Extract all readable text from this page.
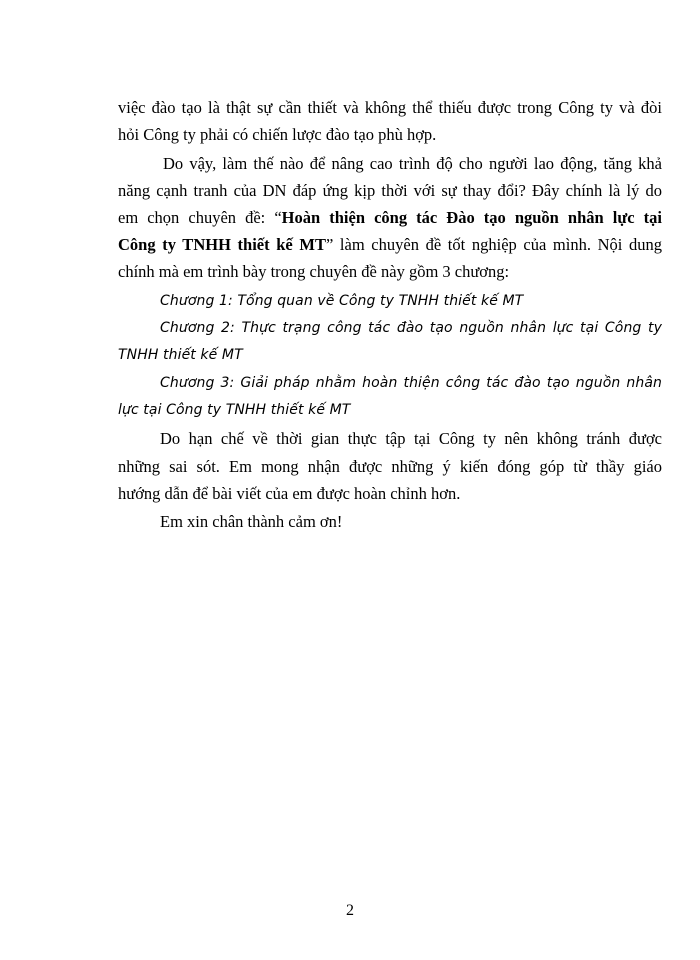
việc đào tạo là thật sự cần thiết và không thể thiếu được trong Công ty và đòi
hỏi Công ty phải có chiến lược đào tạo phù hợp.
Do vậy, làm thế nào để nâng cao trình độ cho người lao động, tăng khả
năng cạnh tranh của DN đáp ứng kịp thời với sự thay đổi? Đây chính là lý do
em chọn chuyên đề: “Hoàn thiện công tác Đào tạo nguồn nhân lực tại
Công ty TNHH thiết kế MT” làm chuyên đề tốt nghiệp của mình. Nội dung
chính mà em trình bày trong chuyên đề này gồm 3 chương:
Chương 1: Tổng quan về Công ty TNHH thiết kế MT
Chương 2: Thực trạng công tác đào tạo nguồn nhân lực tại Công ty
TNHH thiết kế MT
Chương 3: Giải pháp nhằm hoàn thiện công tác đào tạo nguồn nhân
lực tại Công ty TNHH thiết kế MT
Do hạn chế về thời gian thực tập tại Công ty nên không tránh được
những sai sót. Em mong nhận được những ý kiến đóng góp từ thầy giáo
hướng dẫn để bài viết của em được hoàn chỉnh hơn.
Em xin chân thành cảm ơn!
2
